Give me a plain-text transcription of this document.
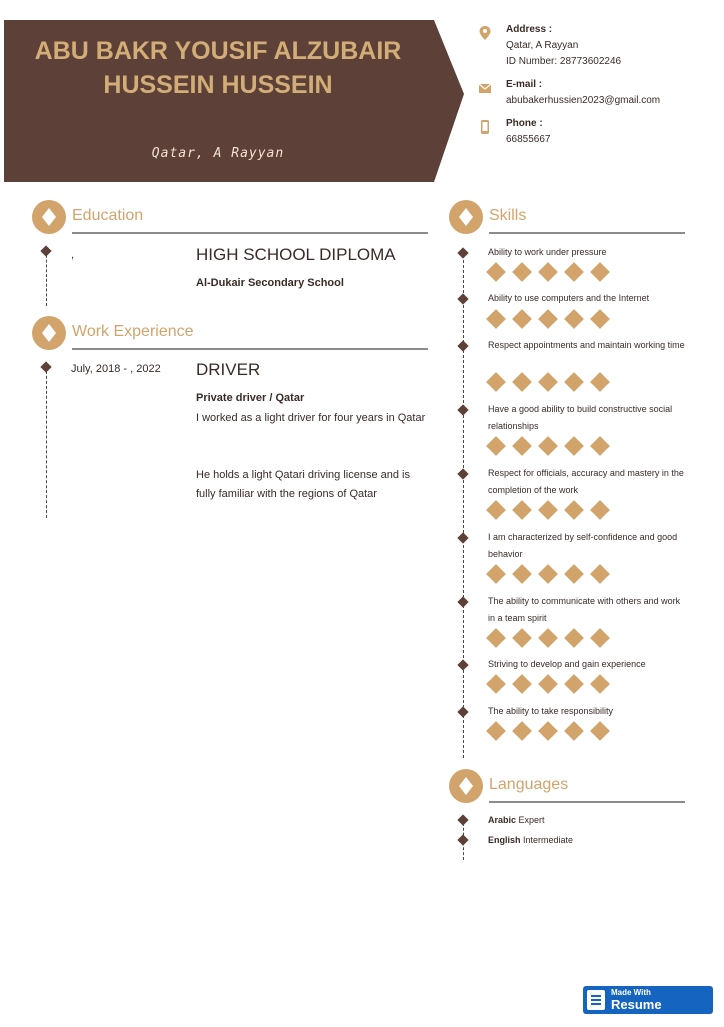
ABU BAKR YOUSIF ALZUBAIR HUSSEIN HUSSEIN
Qatar, A Rayyan
Address :
Qatar, A Rayyan
ID Number: 28773602246
E-mail :
abubakerhussien2023@gmail.com
Phone :
66855667
Education
,	HIGH SCHOOL DIPLOMA
Al-Dukair Secondary School
Work Experience
July, 2018 - , 2022 DRIVER
Private driver / Qatar
I worked as a light driver for four years in Qatar
He holds a light Qatari driving license and is fully familiar with the regions of Qatar
Skills
Ability to work under pressure
Ability to use computers and the Internet
Respect appointments and maintain working time
Have a good ability to build constructive social relationships
Respect for officials, accuracy and mastery in the completion of the work
I am characterized by self-confidence and good behavior
The ability to communicate with others and work in a team spirit
Striving to develop and gain experience
The ability to take responsibility
Languages
Arabic Expert
English Intermediate
Made With
Resume Builder!
